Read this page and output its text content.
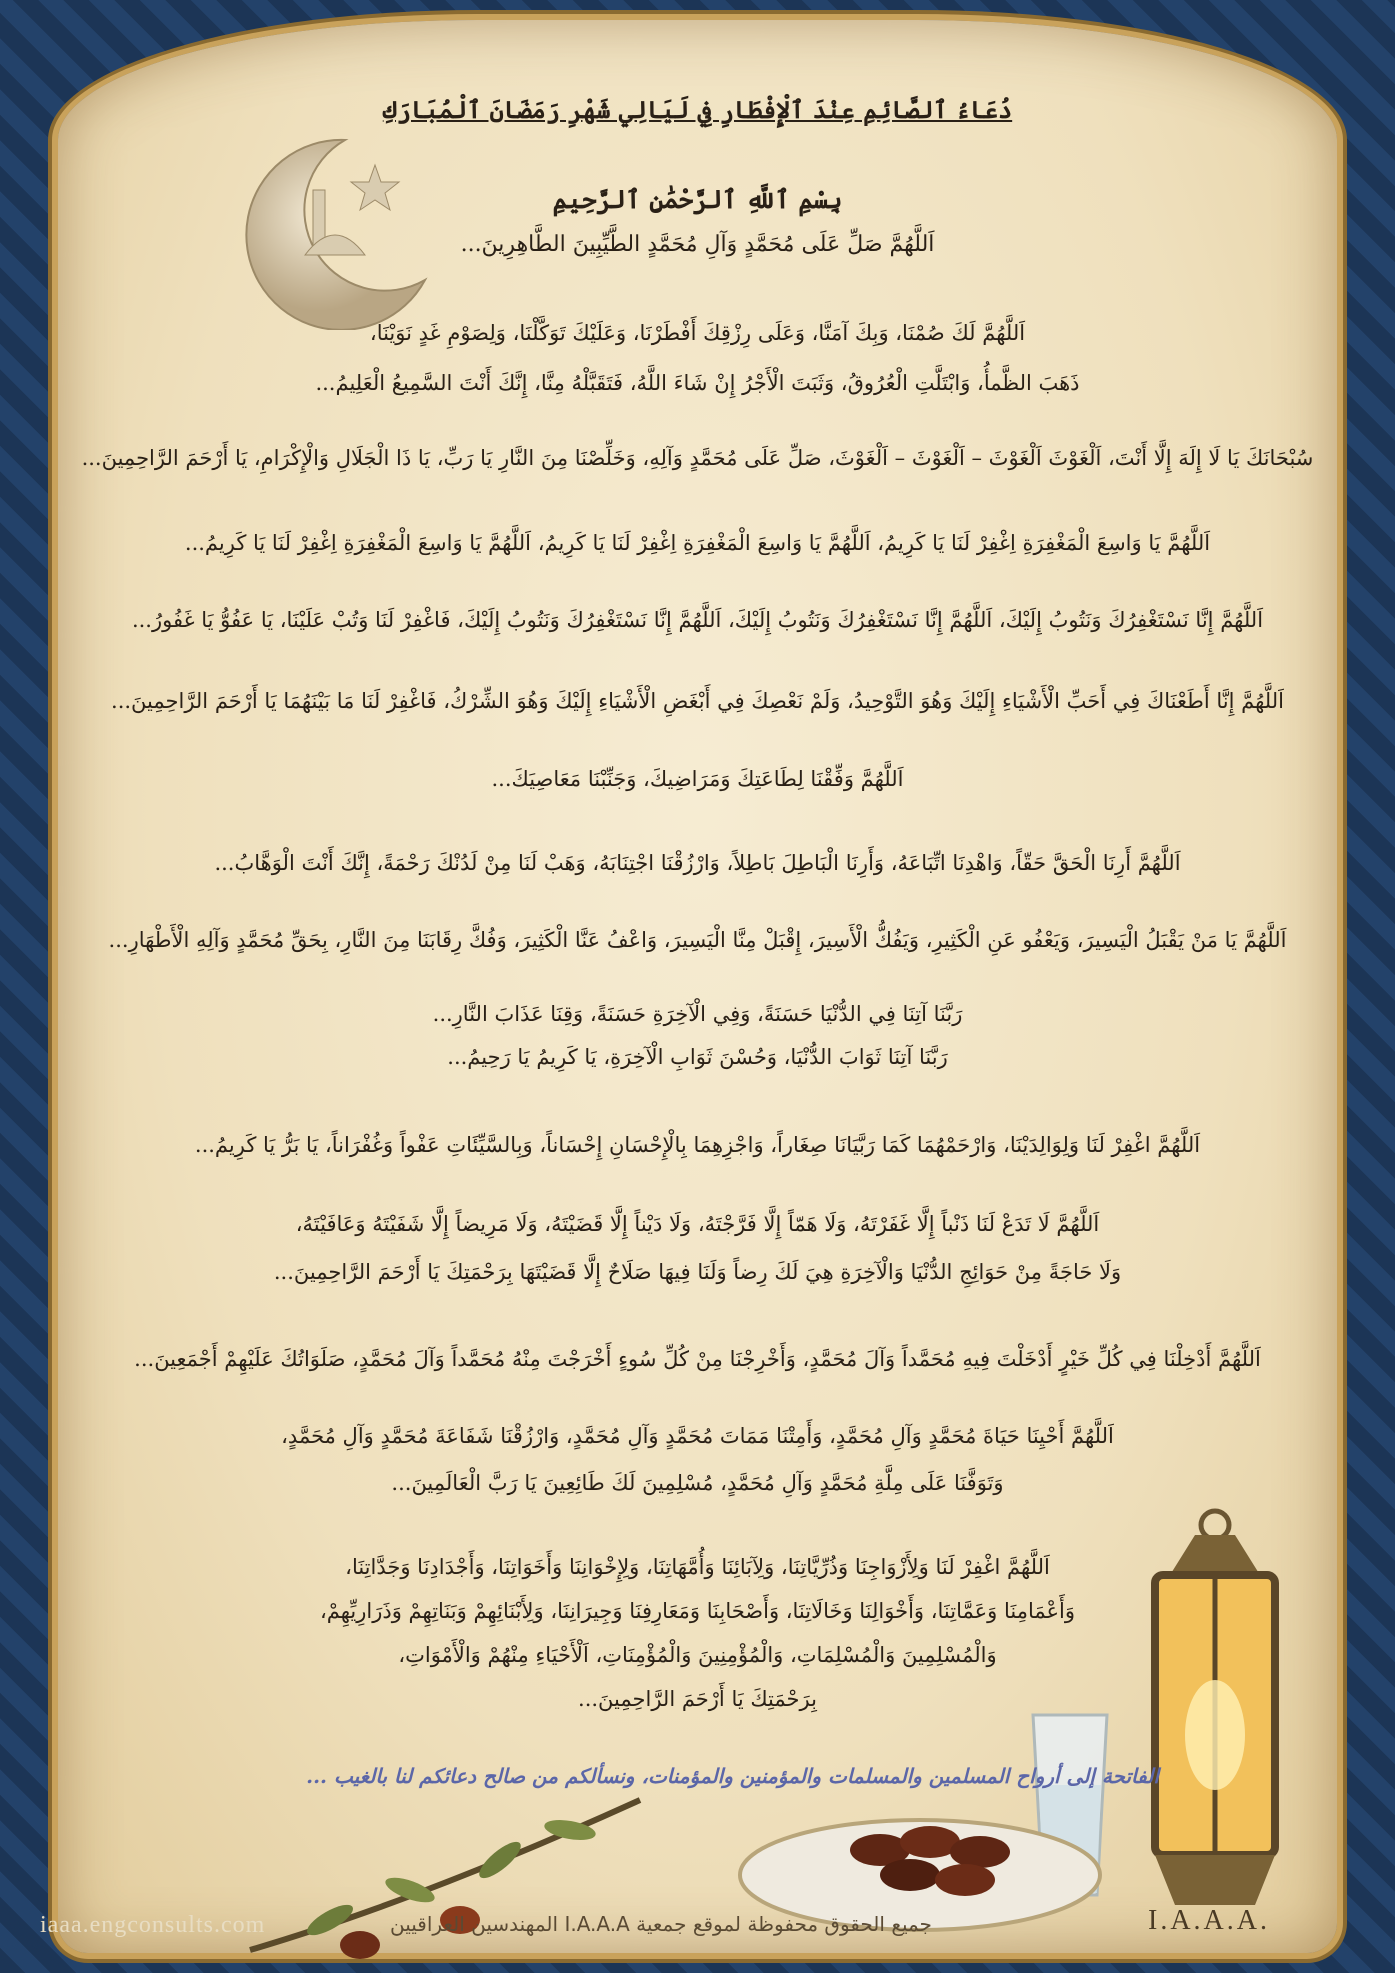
دُعَاءُ ٱلصَّائِمِ عِنْدَ ٱلْإِفْطَارِ فِي لَيَالِي شَهْرِ رَمَضَانَ ٱلْمُبَارَكِ
بِسْمِ ٱللَّهِ ٱلرَّحْمَٰنِ ٱلرَّحِيمِ
اَللَّهُمَّ صَلِّ عَلَى مُحَمَّدٍ وَآلِ مُحَمَّدٍ الطَّيِّبِينَ الطَّاهِرِينَ...

اَللَّهُمَّ لَكَ صُمْنَا، وَبِكَ آمَنَّا، وَعَلَى رِزْقِكَ أَفْطَرْنَا، وَعَلَيْكَ تَوَكَّلْنَا، وَلِصَوْمِ غَدٍ نَوَيْنَا،

ذَهَبَ الظَّمأُ، وَابْتَلَّتِ الْعُرُوقُ، وَثَبَتَ الْأَجْرُ إِنْ شَاءَ اللَّهُ، فَتَقَبَّلْهُ مِنَّا، إِنَّكَ أَنْتَ السَّمِيعُ الْعَلِيمُ...

سُبْحَانَكَ يَا لَا إِلَهَ إِلَّا أَنْتَ، اَلْغَوْثَ اَلْغَوْثَ – اَلْغَوْثَ – اَلْغَوْثَ، صَلِّ عَلَى مُحَمَّدٍ وَآلِهِ، وَخَلِّصْنَا مِنَ النَّارِ يَا رَبِّ، يَا ذَا الْجَلَالِ وَالْإِكْرَامِ، يَا أَرْحَمَ الرَّاحِمِينَ...

اَللَّهُمَّ يَا وَاسِعَ الْمَغْفِرَةِ اِغْفِرْ لَنَا يَا كَرِيمُ، اَللَّهُمَّ يَا وَاسِعَ الْمَغْفِرَةِ اِغْفِرْ لَنَا يَا كَرِيمُ، اَللَّهُمَّ يَا وَاسِعَ الْمَغْفِرَةِ اِغْفِرْ لَنَا يَا كَرِيمُ...

اَللَّهُمَّ إِنَّا نَسْتَغْفِرُكَ وَنَتُوبُ إِلَيْكَ، اَللَّهُمَّ إِنَّا نَسْتَغْفِرُكَ وَنَتُوبُ إِلَيْكَ، اَللَّهُمَّ إِنَّا نَسْتَغْفِرُكَ وَنَتُوبُ إِلَيْكَ، فَاغْفِرْ لَنَا وَتُبْ عَلَيْنَا، يَا عَفُوُّ يَا غَفُورُ...

اَللَّهُمَّ إِنَّا أَطَعْنَاكَ فِي أَحَبِّ الْأَشْيَاءِ إِلَيْكَ وَهُوَ التَّوْحِيدُ، وَلَمْ نَعْصِكَ فِي أَبْغَضِ الْأَشْيَاءِ إِلَيْكَ وَهُوَ الشِّرْكُ، فَاغْفِرْ لَنَا مَا بَيْنَهُمَا يَا أَرْحَمَ الرَّاحِمِينَ...

اَللَّهُمَّ وَفِّقْنَا لِطَاعَتِكَ وَمَرَاضِيكَ، وَجَنِّبْنَا مَعَاصِيَكَ...

اَللَّهُمَّ أَرِنَا الْحَقَّ حَقّاً، وَاهْدِنَا اتِّبَاعَهُ، وَأَرِنَا الْبَاطِلَ بَاطِلاً، وَارْزُقْنَا اجْتِنَابَهُ، وَهَبْ لَنَا مِنْ لَدُنْكَ رَحْمَةً، إِنَّكَ أَنْتَ الْوَهَّابُ...

اَللَّهُمَّ يَا مَنْ يَقْبَلُ الْيَسِيرَ، وَيَعْفُو عَنِ الْكَثِيرِ، وَيَفُكُّ الْأَسِيرَ، إِقْبَلْ مِنَّا الْيَسِيرَ، وَاعْفُ عَنَّا الْكَثِيرَ، وَفُكَّ رِقَابَنَا مِنَ النَّارِ، بِحَقِّ مُحَمَّدٍ وَآلِهِ الْأَطْهَارِ...

رَبَّنَا آتِنَا فِي الدُّنْيَا حَسَنَةً، وَفِي الْآخِرَةِ حَسَنَةً، وَقِنَا عَذَابَ النَّارِ...

رَبَّنَا آتِنَا ثَوَابَ الدُّنْيَا، وَحُسْنَ ثَوَابِ الْآخِرَةِ، يَا كَرِيمُ يَا رَحِيمُ...

اَللَّهُمَّ اغْفِرْ لَنَا وَلِوَالِدَيْنَا، وَارْحَمْهُمَا كَمَا رَبَّيَانَا صِغَاراً، وَاجْزِهِمَا بِالْإِحْسَانِ إِحْسَاناً، وَبِالسَّيِّئَاتِ عَفْواً وَغُفْرَاناً، يَا بَرُّ يَا كَرِيمُ...

اَللَّهُمَّ لَا تَدَعْ لَنَا ذَنْباً إِلَّا غَفَرْتَهُ، وَلَا هَمّاً إِلَّا فَرَّجْتَهُ، وَلَا دَيْناً إِلَّا قَضَيْتَهُ، وَلَا مَرِيضاً إِلَّا شَفَيْتَهُ وَعَافَيْتَهُ،

وَلَا حَاجَةً مِنْ حَوَائِجِ الدُّنْيَا وَالْآخِرَةِ هِيَ لَكَ رِضاً وَلَنَا فِيهَا صَلَاحٌ إِلَّا قَضَيْتَهَا بِرَحْمَتِكَ يَا أَرْحَمَ الرَّاحِمِينَ...

اَللَّهُمَّ أَدْخِلْنَا فِي كُلِّ خَيْرٍ أَدْخَلْتَ فِيهِ مُحَمَّداً وَآلَ مُحَمَّدٍ، وَأَخْرِجْنَا مِنْ كُلِّ سُوءٍ أَخْرَجْتَ مِنْهُ مُحَمَّداً وَآلَ مُحَمَّدٍ، صَلَوَاتُكَ عَلَيْهِمْ أَجْمَعِينَ...

اَللَّهُمَّ أَحْيِنَا حَيَاةَ مُحَمَّدٍ وَآلِ مُحَمَّدٍ، وَأَمِتْنَا مَمَاتَ مُحَمَّدٍ وَآلِ مُحَمَّدٍ، وَارْزُقْنَا شَفَاعَةَ مُحَمَّدٍ وَآلِ مُحَمَّدٍ،

وَتَوَفَّنَا عَلَى مِلَّةِ مُحَمَّدٍ وَآلِ مُحَمَّدٍ، مُسْلِمِينَ لَكَ طَائِعِينَ يَا رَبَّ الْعَالَمِينَ...

اَللَّهُمَّ اغْفِرْ لَنَا وَلِأَزْوَاجِنَا وَذُرِّيَّاتِنَا، وَلِآبَائِنَا وَأُمَّهَاتِنَا، وَلِإِخْوَانِنَا وَأَخَوَاتِنَا، وَأَجْدَادِنَا وَجَدَّاتِنَا،

وَأَعْمَامِنَا وَعَمَّاتِنَا، وَأَخْوَالِنَا وَخَالَاتِنَا، وَأَصْحَابِنَا وَمَعَارِفِنَا وَجِيرَانِنَا، وَلِأَبْنَائِهِمْ وَبَنَاتِهِمْ وَذَرَارِيِّهِمْ،

وَالْمُسْلِمِينَ وَالْمُسْلِمَاتِ، وَالْمُؤْمِنِينَ وَالْمُؤْمِنَاتِ، اَلْأَحْيَاءِ مِنْهُمْ وَالْأَمْوَاتِ،

بِرَحْمَتِكَ يَا أَرْحَمَ الرَّاحِمِينَ...

الفاتحة إلى أرواح المسلمين والمسلمات والمؤمنين والمؤمنات، ونسألكم من صالح دعائكم لنا بالغيب ...
iaaa.engconsults.com	جميع الحقوق محفوظة لموقع جمعية I.A.A.A المهندسين العراقيين	I.A.A.A.
